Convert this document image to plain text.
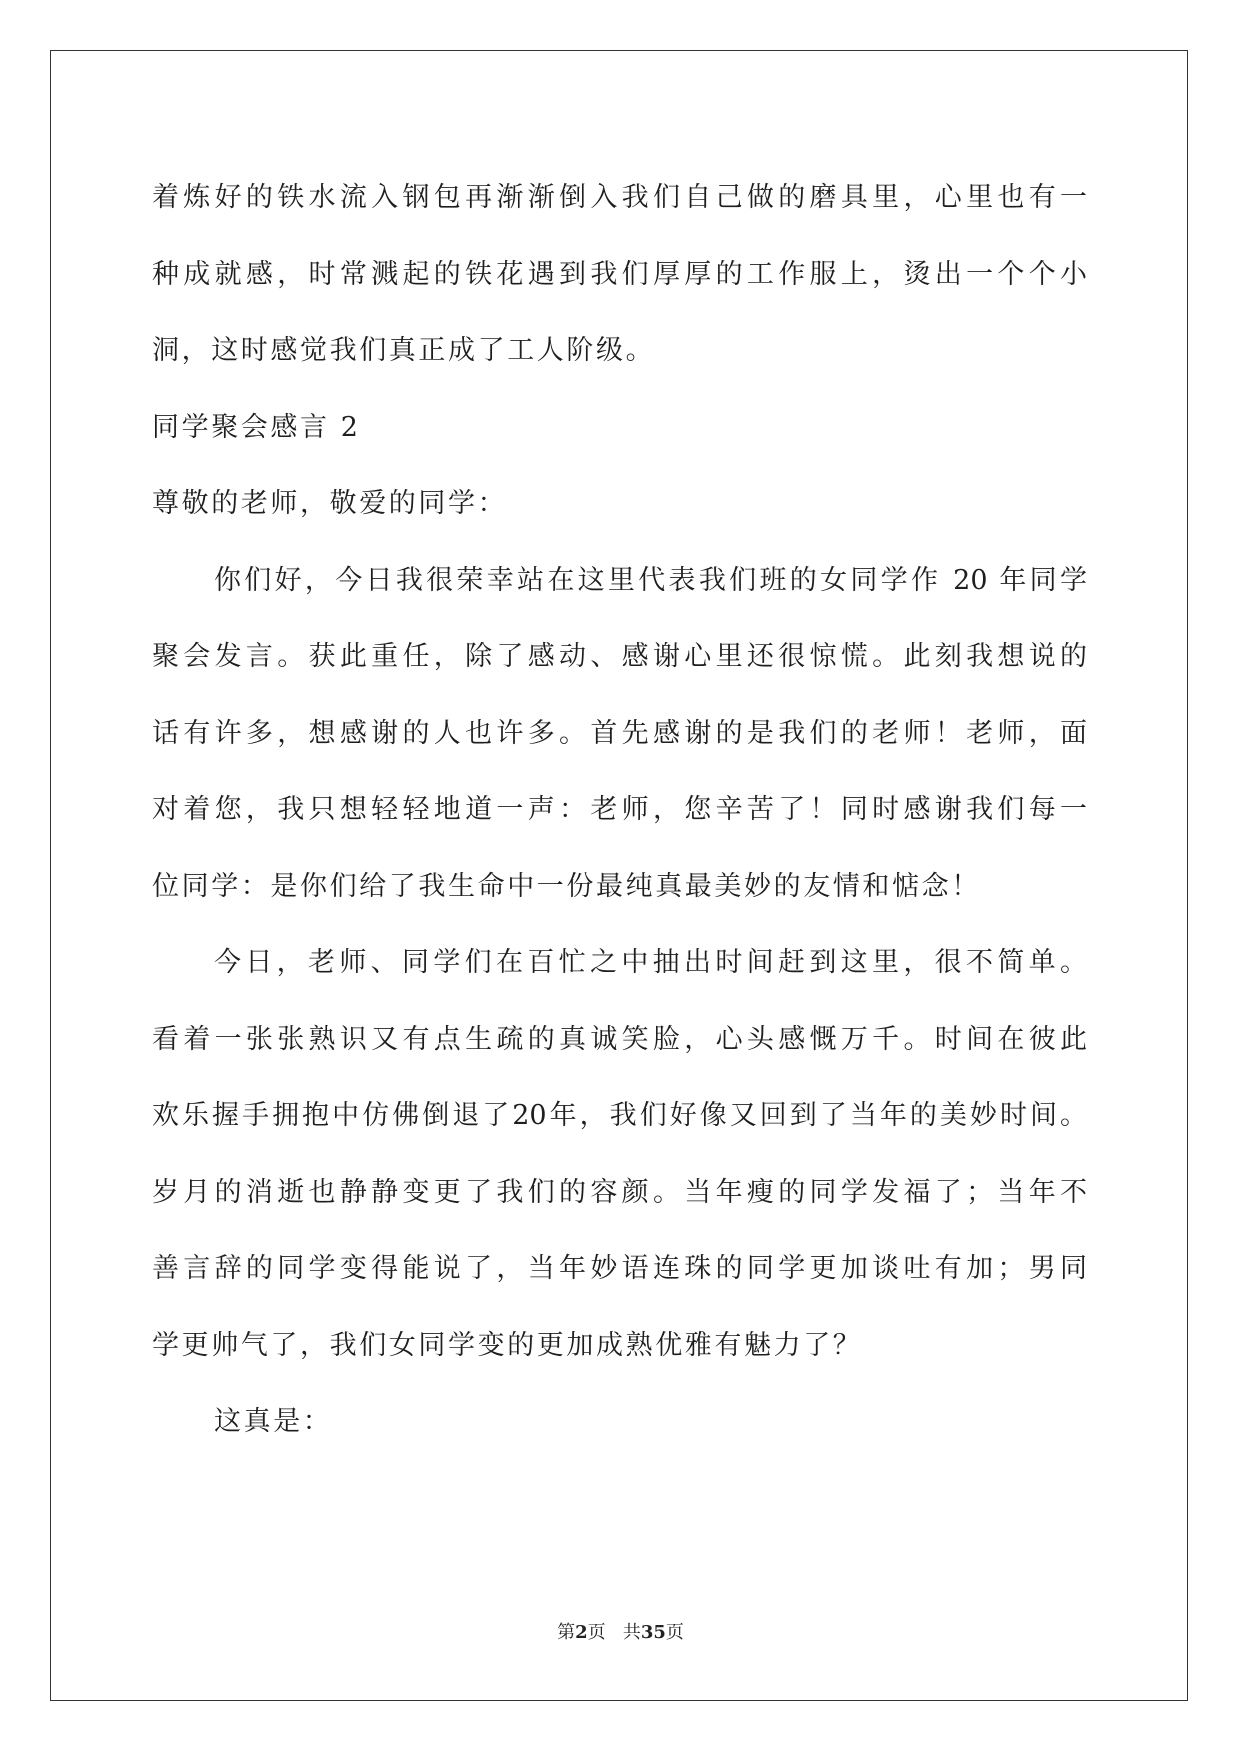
着炼好的铁水流入钢包再渐渐倒入我们自己做的磨具里，心里也有一

种成就感，时常溅起的铁花遇到我们厚厚的工作服上，烫出一个个小

洞，这时感觉我们真正成了工人阶级。

同学聚会感言 2

尊敬的老师，敬爱的同学：

你们好，今日我很荣幸站在这里代表我们班的女同学作 20 年同学

聚会发言。获此重任，除了感动、感谢心里还很惊慌。此刻我想说的

话有许多，想感谢的人也许多。首先感谢的是我们的老师！老师，面

对着您，我只想轻轻地道一声：老师，您辛苦了！同时感谢我们每一

位同学：是你们给了我生命中一份最纯真最美妙的友情和惦念！

今日，老师、同学们在百忙之中抽出时间赶到这里，很不简单。

看着一张张熟识又有点生疏的真诚笑脸，心头感慨万千。时间在彼此

欢乐握手拥抱中仿佛倒退了20年，我们好像又回到了当年的美妙时间。

岁月的消逝也静静变更了我们的容颜。当年瘦的同学发福了；当年不

善言辞的同学变得能说了，当年妙语连珠的同学更加谈吐有加；男同

学更帅气了，我们女同学变的更加成熟优雅有魅力了？

这真是：

第2页 共35页
